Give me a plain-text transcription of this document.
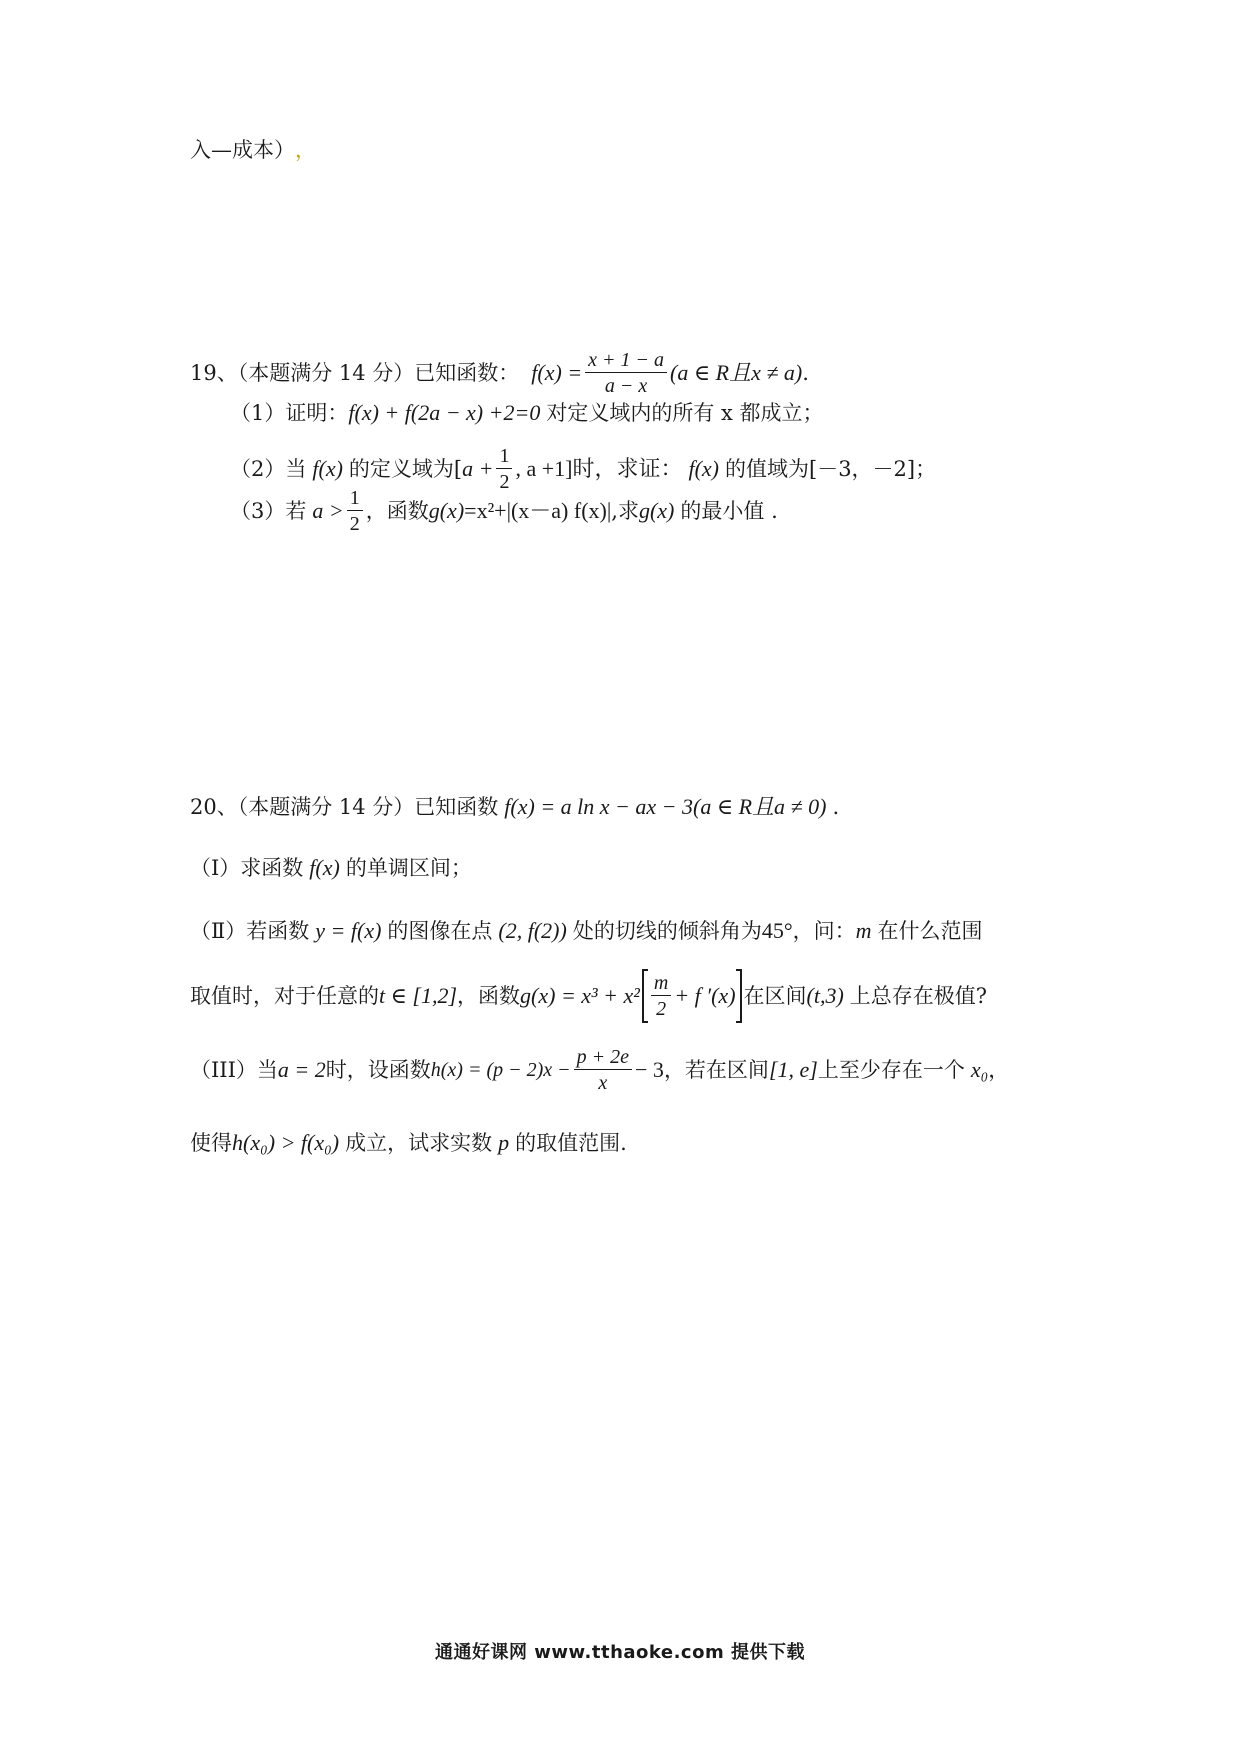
入—成本） ，
19、（本题满分 14 分）已知函数： $f(x) = \frac{x + 1 - a}{a - x} (a$ ∈ R且x ≠ a) .
（1）证明： f(x) + f(2a − x) +2=0 对定义域内的所有 x 都成立；
（2）当 f(x) 的定义域为[ $a + \frac{1}{2}$ , a +1]时，求证： f(x) 的值域为[－3，－2]；
（3）若 $a > \frac{1}{2}$ ，函数 g(x) =x²+|(x－a) f(x)| ,求 g(x) 的最小值 .
20、（本题满分 14 分）已知函数 f(x) = a ln x − ax − 3(a ∈ R且a ≠ 0) .
（Ⅰ）求函数 f(x) 的单调区间；
（Ⅱ）若函数 y = f(x) 的图像在点 (2, f(2)) 处的切线的倾斜角为 45° ，问： m 在什么范围
取值时，对于任意的 t ∈ [1,2] ，函数 $g(x) = x^3 + x^2 \frac{m}{2} + f$ ′(x) 在区间 (t,3) 上总存在极值?
（III）当 a = 2 时，设函数 $h(x) = (p - 2)x - \frac{p + 2e}{x} - 3$ ，若在区间 [1, e] 上至少存在一个 x₀ ，
使得 h(x₀) > f(x₀) 成立，试求实数 p 的取值范围.
通通好课网 www.tthaoke.com 提供下载
